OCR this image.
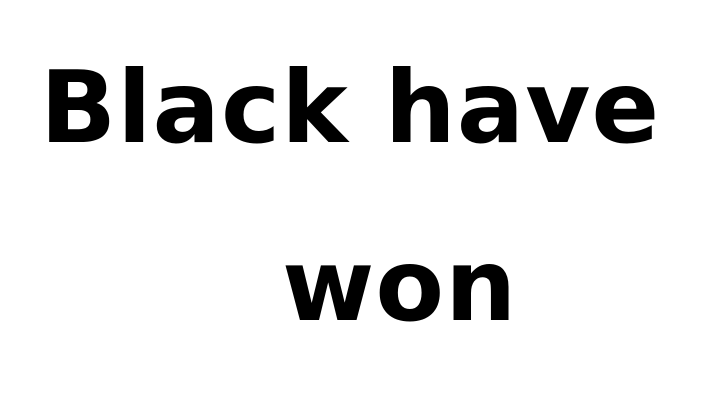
Black have
won
